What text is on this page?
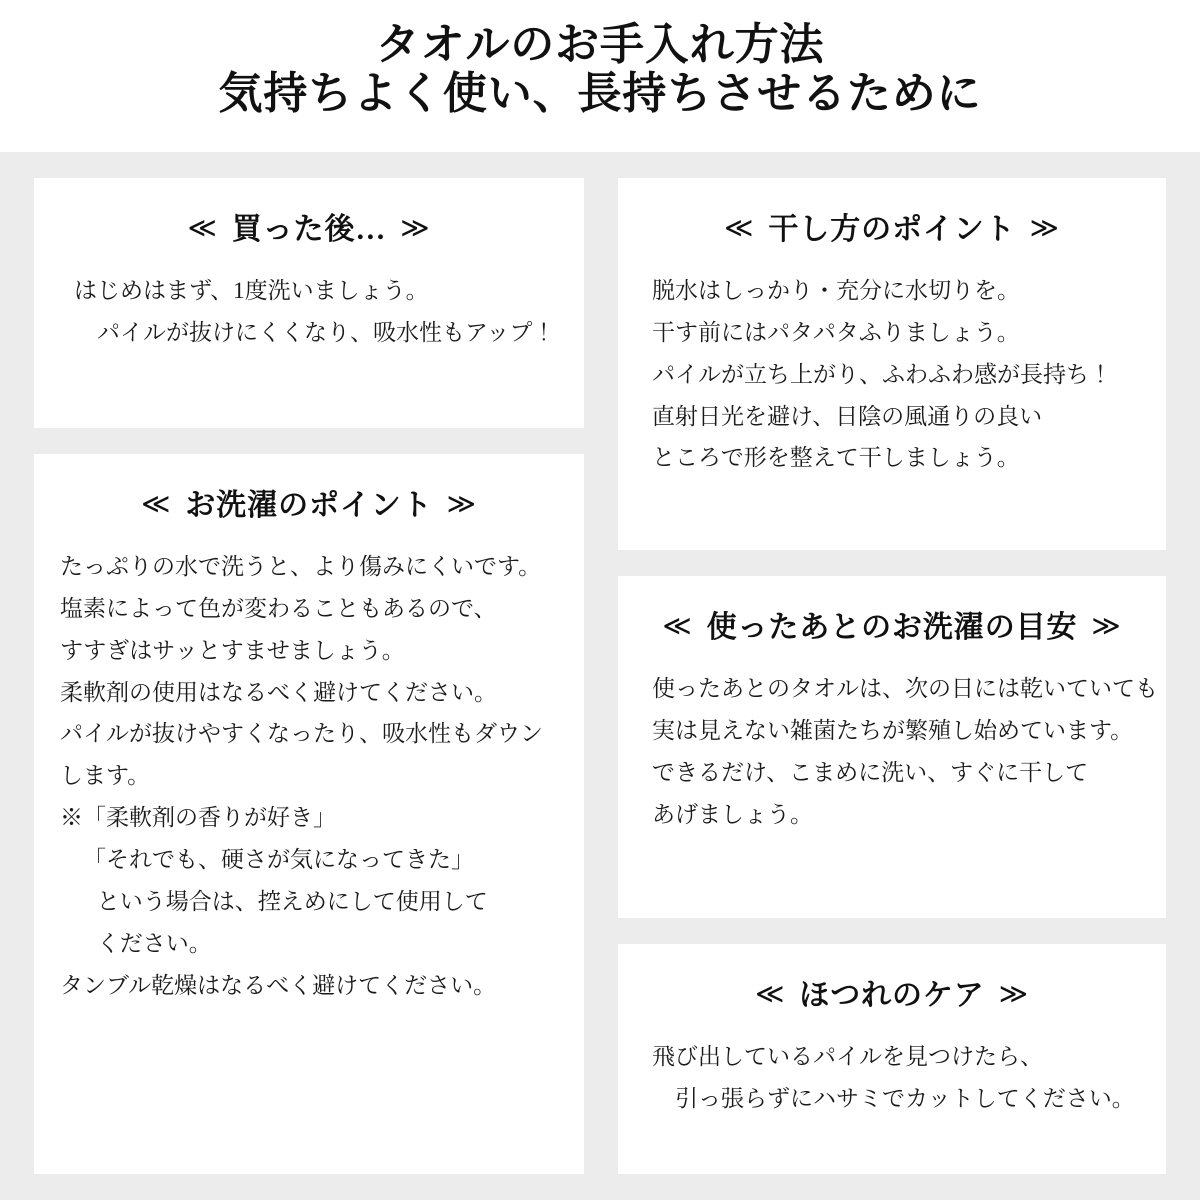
タオルのお手入れ方法
気持ちよく使い、長持ちさせるために
≪ 買った後… ≫
はじめはまず、1度洗いましょう。
パイルが抜けにくくなり、吸水性もアップ！
≪ お洗濯のポイント ≫
たっぷりの水で洗うと、より傷みにくいです。
塩素によって色が変わることもあるので、
すすぎはサッとすませましょう。
柔軟剤の使用はなるべく避けてください。
パイルが抜けやすくなったり、吸水性もダウン
します。
※「柔軟剤の香りが好き」
「それでも、硬さが気になってきた」
という場合は、控えめにして使用して
ください。
タンブル乾燥はなるべく避けてください。
≪ 干し方のポイント ≫
脱水はしっかり・充分に水切りを。
干す前にはパタパタふりましょう。
パイルが立ち上がり、ふわふわ感が長持ち！
直射日光を避け、日陰の風通りの良い
ところで形を整えて干しましょう。
≪ 使ったあとのお洗濯の目安 ≫
使ったあとのタオルは、次の日には乾いていても
実は見えない雑菌たちが繁殖し始めています。
できるだけ、こまめに洗い、すぐに干して
あげましょう。
≪ ほつれのケア ≫
飛び出しているパイルを見つけたら、
引っ張らずにハサミでカットしてください。
